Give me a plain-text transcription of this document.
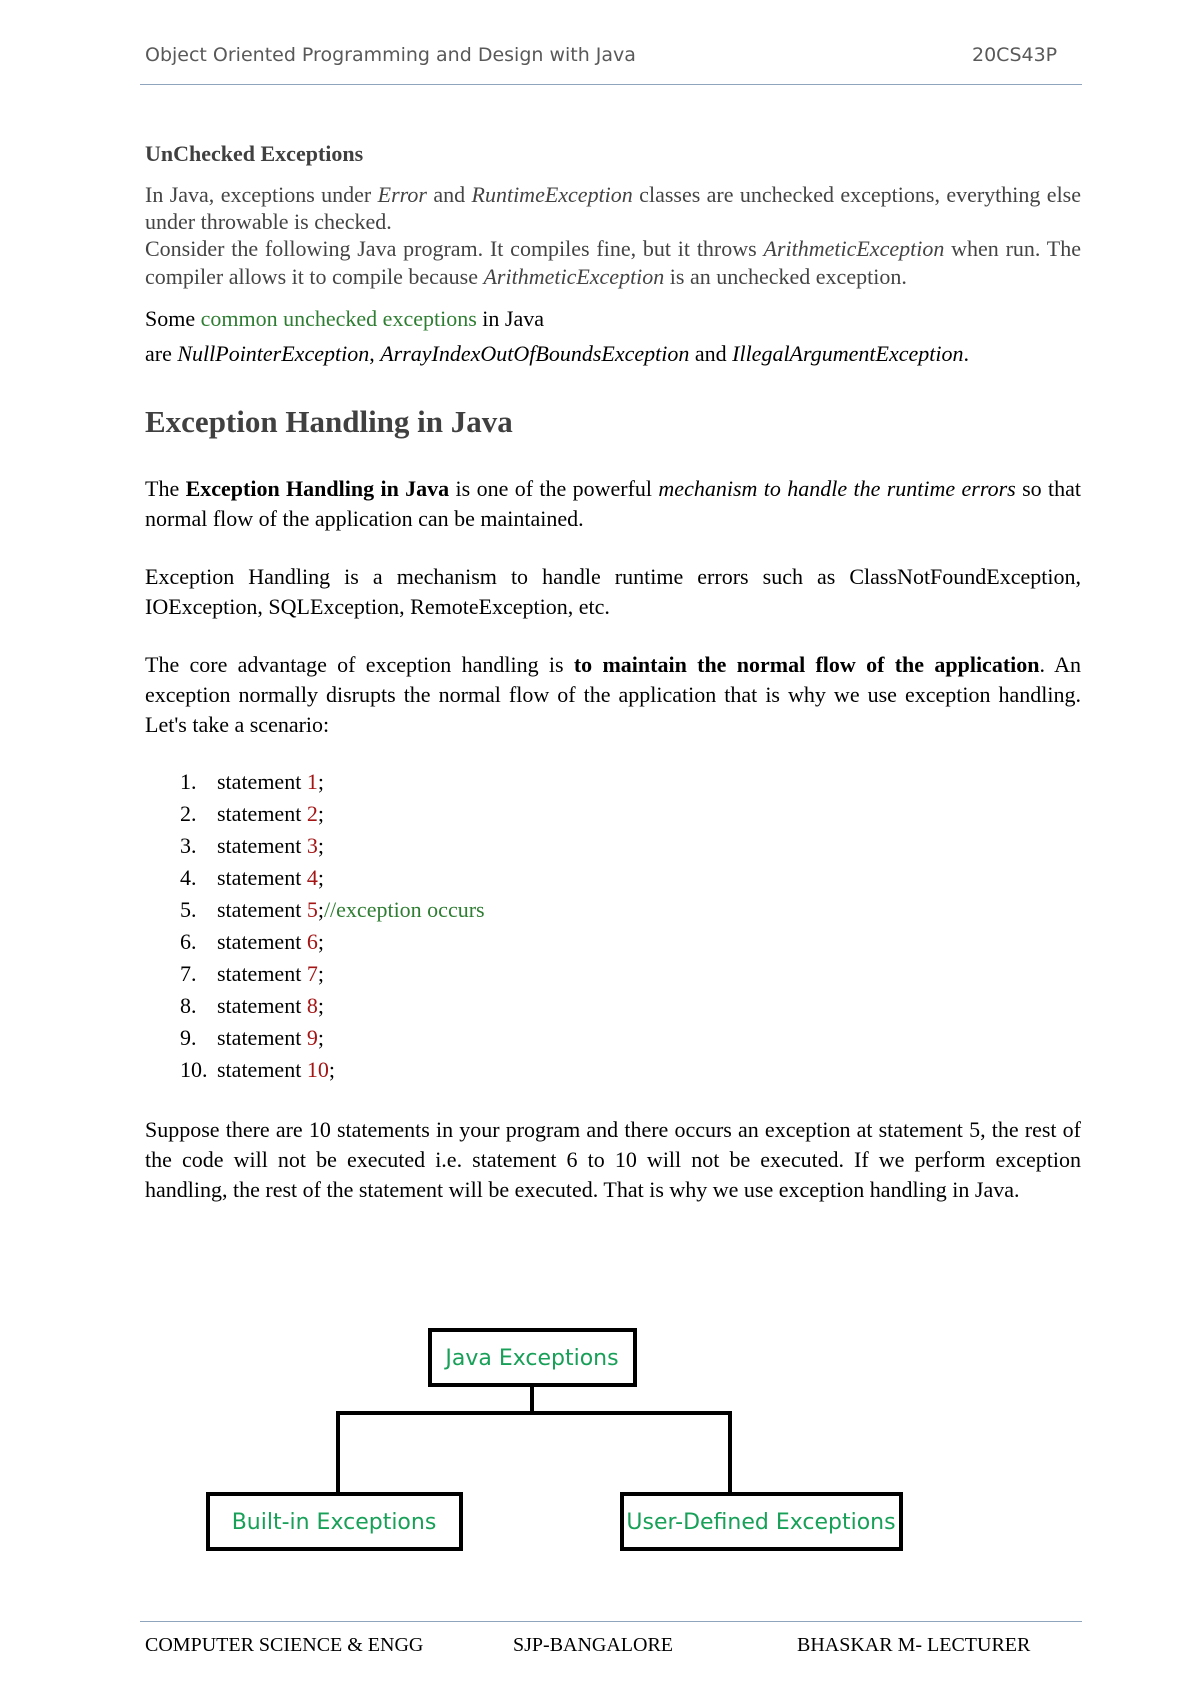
Object Oriented Programming and Design with Java	20CS43P
UnChecked Exceptions
In Java, exceptions under Error and RuntimeException classes are unchecked exceptions, everything else under throwable is checked.
Consider the following Java program. It compiles fine, but it throws ArithmeticException when run. The compiler allows it to compile because ArithmeticException is an unchecked exception.
Some common unchecked exceptions in Java
are NullPointerException, ArrayIndexOutOfBoundsException and IllegalArgumentException.
Exception Handling in Java
The Exception Handling in Java is one of the powerful mechanism to handle the runtime errors so that normal flow of the application can be maintained.
Exception Handling is a mechanism to handle runtime errors such as ClassNotFoundException, IOException, SQLException, RemoteException, etc.
The core advantage of exception handling is to maintain the normal flow of the application. An exception normally disrupts the normal flow of the application that is why we use exception handling. Let's take a scenario:
1. statement 1;
2. statement 2;
3. statement 3;
4. statement 4;
5. statement 5;//exception occurs
6. statement 6;
7. statement 7;
8. statement 8;
9. statement 9;
10. statement 10;
Suppose there are 10 statements in your program and there occurs an exception at statement 5, the rest of the code will not be executed i.e. statement 6 to 10 will not be executed. If we perform exception handling, the rest of the statement will be executed. That is why we use exception handling in Java.
Java Exceptions
Built-in Exceptions	User-Defined Exceptions
COMPUTER SCIENCE & ENGG	SJP-BANGALORE	BHASKAR M- LECTURER
